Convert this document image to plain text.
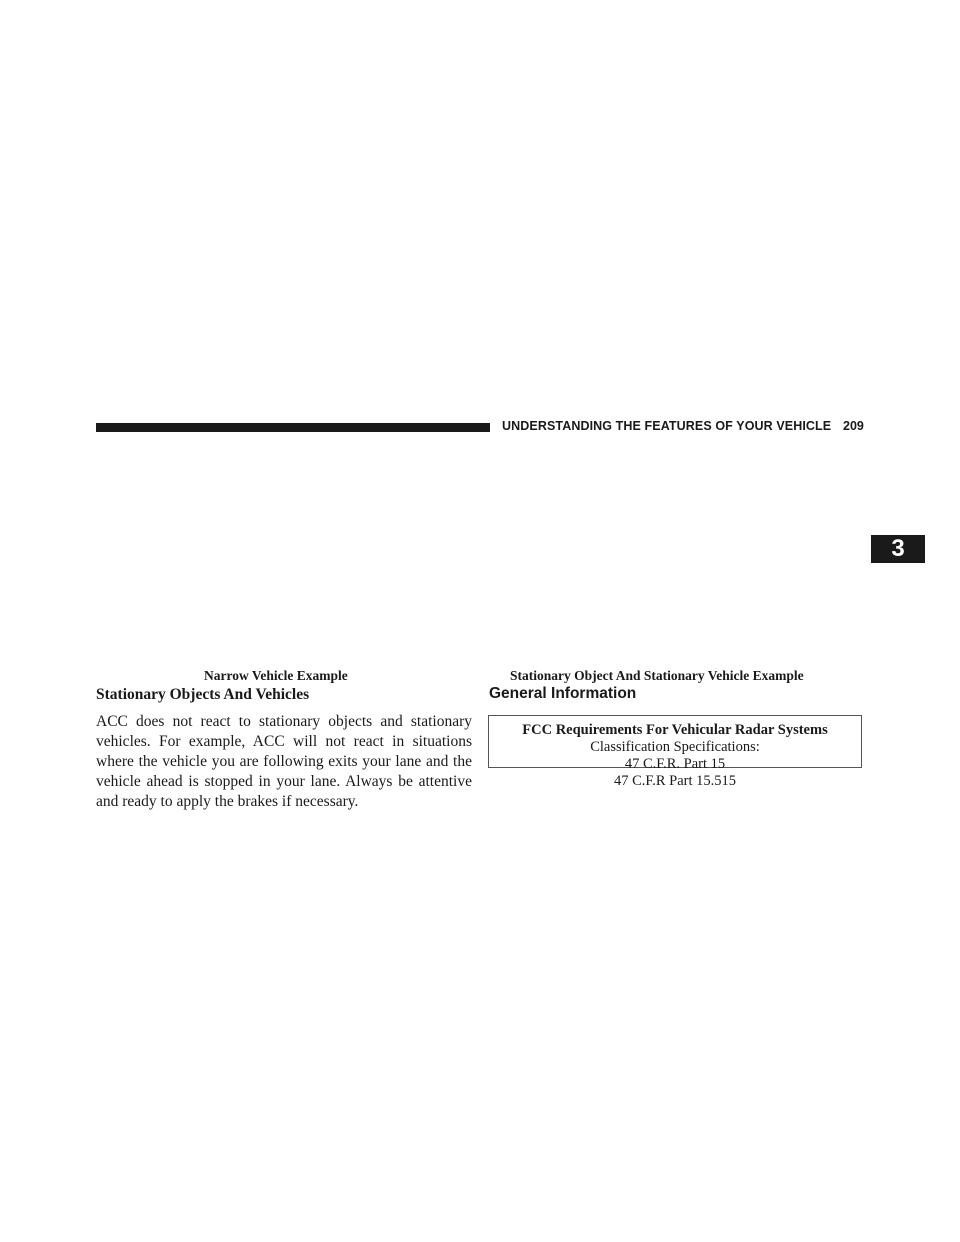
UNDERSTANDING THE FEATURES OF YOUR VEHICLE 209
3
Narrow Vehicle Example	Stationary Object And Stationary Vehicle Example
Stationary Objects And Vehicles
ACC does not react to stationary objects and stationary vehicles. For example, ACC will not react in situations where the vehicle you are following exits your lane and the vehicle ahead is stopped in your lane. Always be attentive and ready to apply the brakes if necessary.
General Information
FCC Requirements For Vehicular Radar Systems
Classification Specifications:
47 C.F.R. Part 15
47 C.F.R Part 15.515
